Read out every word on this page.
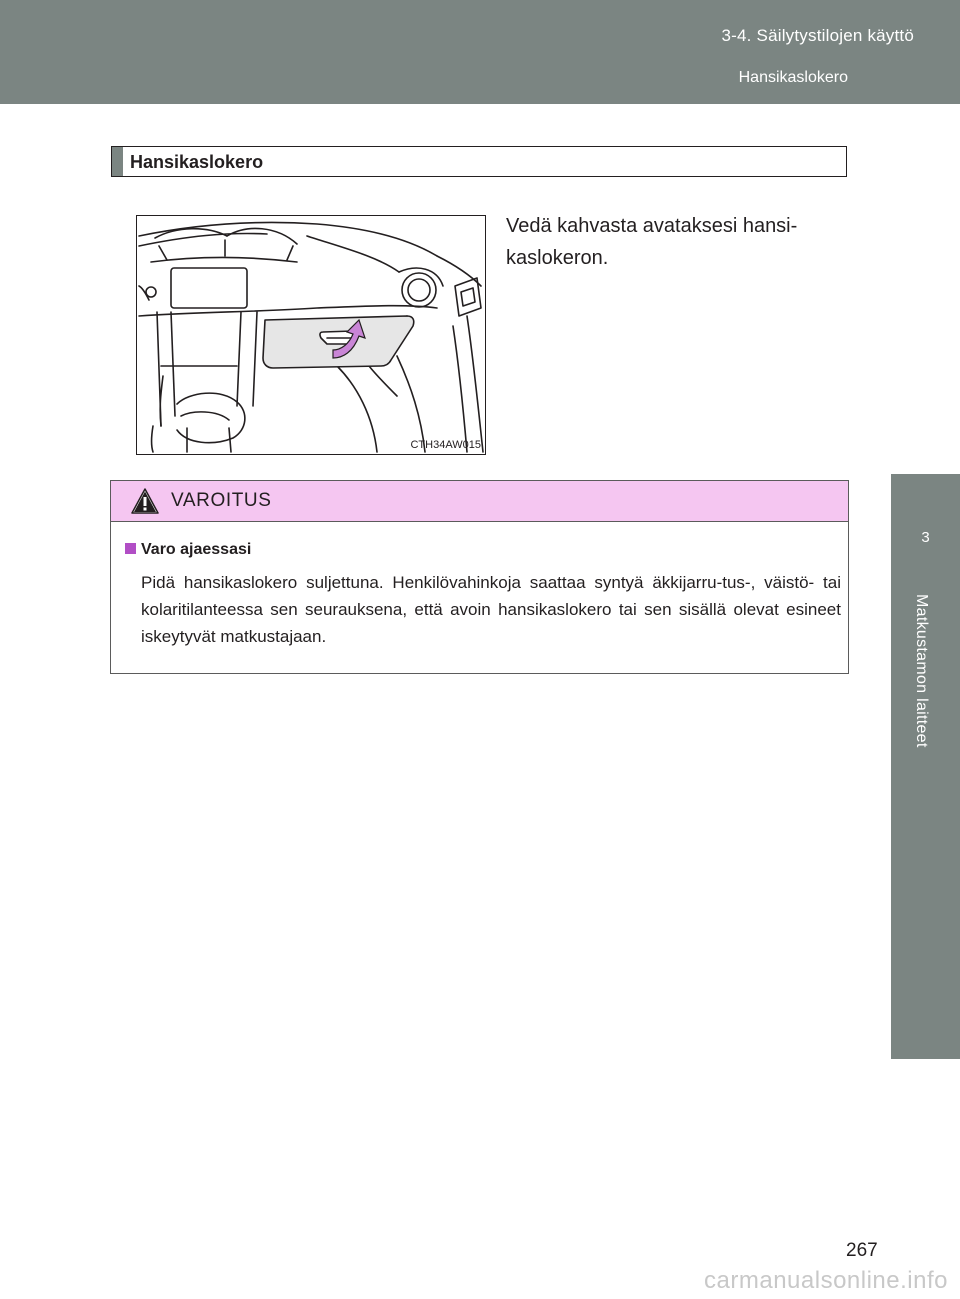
3-4. Säilytystilojen käyttö
Hansikaslokero
3
Matkustamon laitteet
Hansikaslokero
CTH34AW015
Vedä kahvasta avataksesi hansi-kaslokeron.
VAROITUS
Varo ajaessasi
Pidä hansikaslokero suljettuna. Henkilövahinkoja saattaa syntyä äkkijarru-tus-, väistö- tai kolaritilanteessa sen seurauksena, että avoin hansikaslokero tai sen sisällä olevat esineet iskeytyvät matkustajaan.
267
carmanualsonline.info
